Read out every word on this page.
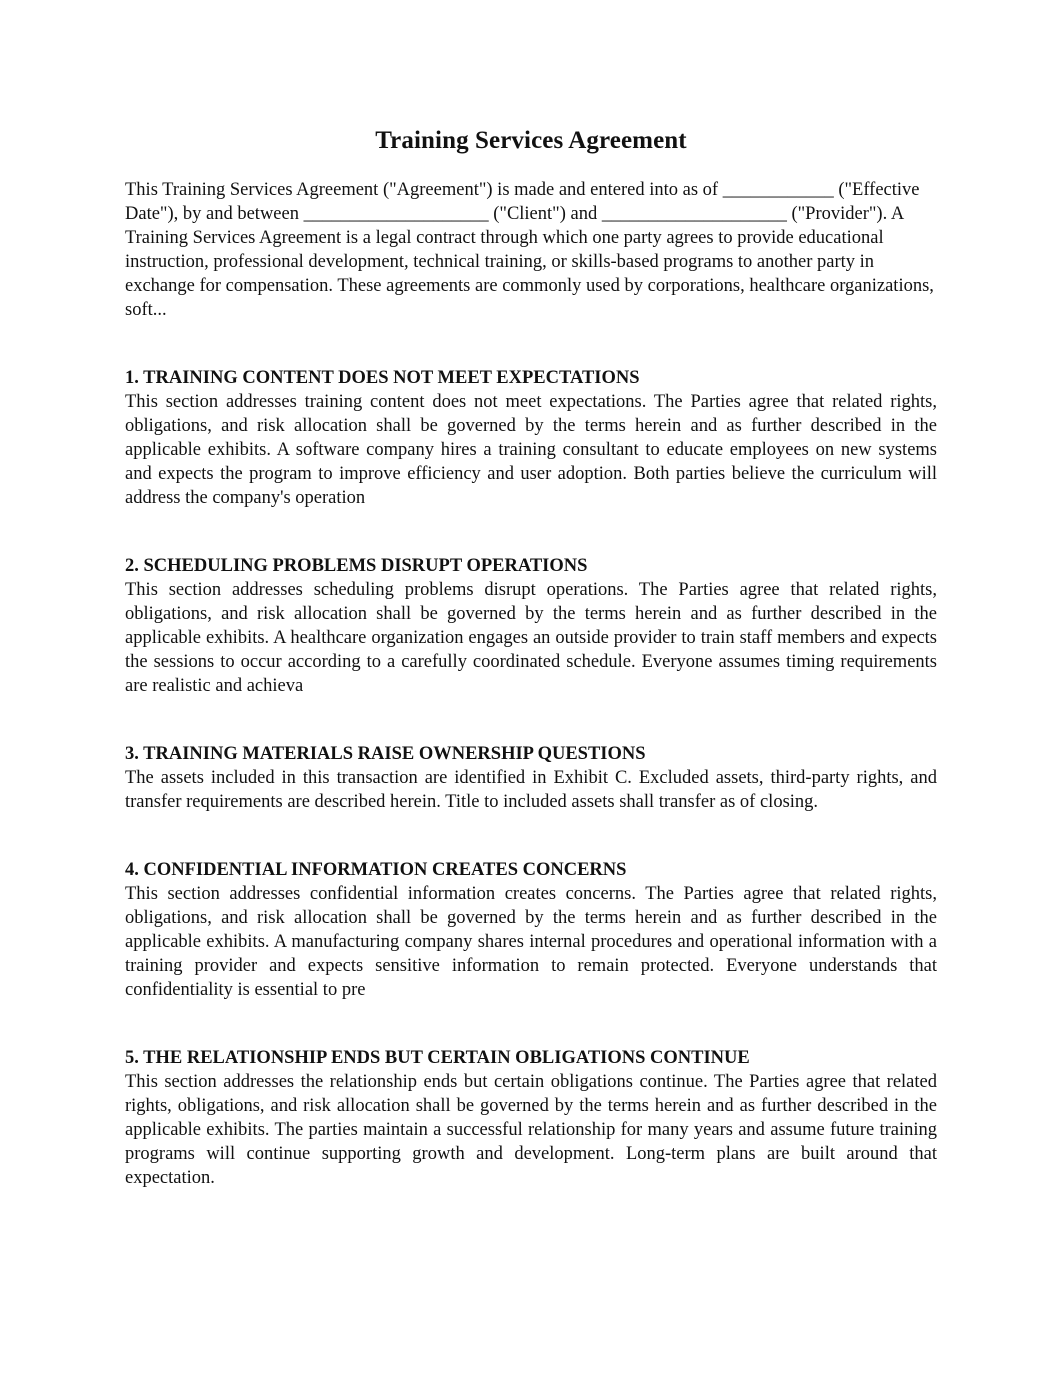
Training Services Agreement

This Training Services Agreement ("Agreement") is made and entered into as of ____________ ("Effective Date"), by and between ____________________ ("Client") and ____________________ ("Provider"). A Training Services Agreement is a legal contract through which one party agrees to provide educational instruction, professional development, technical training, or skills-based programs to another party in exchange for compensation. These agreements are commonly used by corporations, healthcare organizations, soft...

1. TRAINING CONTENT DOES NOT MEET EXPECTATIONS

This section addresses training content does not meet expectations. The Parties agree that related rights, obligations, and risk allocation shall be governed by the terms herein and as further described in the applicable exhibits. A software company hires a training consultant to educate employees on new systems and expects the program to improve efficiency and user adoption. Both parties believe the curriculum will address the company's operation

2. SCHEDULING PROBLEMS DISRUPT OPERATIONS

This section addresses scheduling problems disrupt operations. The Parties agree that related rights, obligations, and risk allocation shall be governed by the terms herein and as further described in the applicable exhibits. A healthcare organization engages an outside provider to train staff members and expects the sessions to occur according to a carefully coordinated schedule. Everyone assumes timing requirements are realistic and achieva

3. TRAINING MATERIALS RAISE OWNERSHIP QUESTIONS

The assets included in this transaction are identified in Exhibit C. Excluded assets, third-party rights, and transfer requirements are described herein. Title to included assets shall transfer as of closing.

4. CONFIDENTIAL INFORMATION CREATES CONCERNS

This section addresses confidential information creates concerns. The Parties agree that related rights, obligations, and risk allocation shall be governed by the terms herein and as further described in the applicable exhibits. A manufacturing company shares internal procedures and operational information with a training provider and expects sensitive information to remain protected. Everyone understands that confidentiality is essential to pre

5. THE RELATIONSHIP ENDS BUT CERTAIN OBLIGATIONS CONTINUE

This section addresses the relationship ends but certain obligations continue. The Parties agree that related rights, obligations, and risk allocation shall be governed by the terms herein and as further described in the applicable exhibits. The parties maintain a successful relationship for many years and assume future training programs will continue supporting growth and development. Long-term plans are built around that expectation.
